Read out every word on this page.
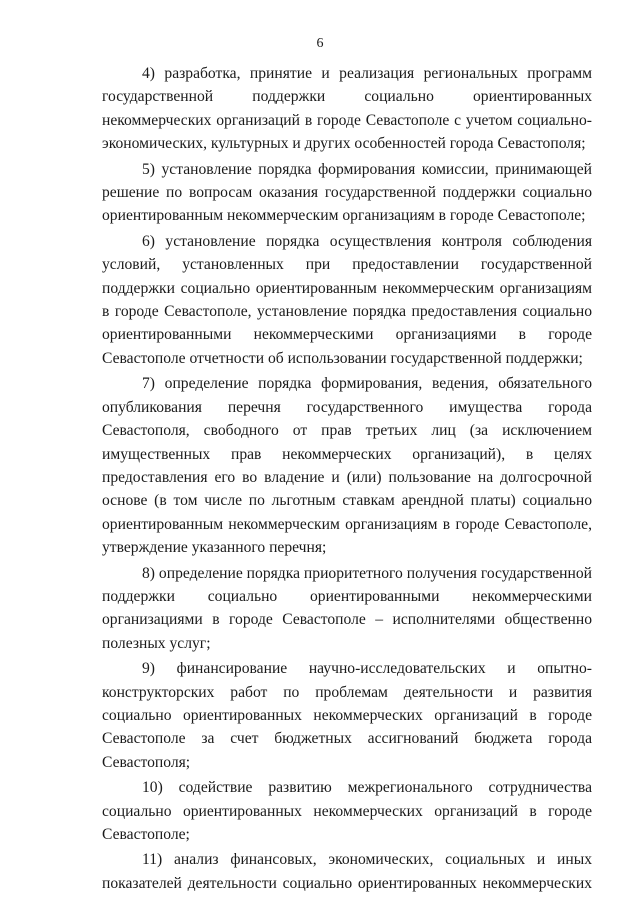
6

4) разработка, принятие и реализация региональных программ государственной поддержки социально ориентированных некоммерческих организаций в городе Севастополе с учетом социально-экономических, культурных и других особенностей города Севастополя;

5) установление порядка формирования комиссии, принимающей решение по вопросам оказания государственной поддержки социально ориентированным некоммерческим организациям в городе Севастополе;

6) установление порядка осуществления контроля соблюдения условий, установленных при предоставлении государственной поддержки социально ориентированным некоммерческим организациям в городе Севастополе, установление порядка предоставления социально ориентированными некоммерческими организациями в городе Севастополе отчетности об использовании государственной поддержки;

7) определение порядка формирования, ведения, обязательного опубликования перечня государственного имущества города Севастополя, свободного от прав третьих лиц (за исключением имущественных прав некоммерческих организаций), в целях предоставления его во владение и (или) пользование на долгосрочной основе (в том числе по льготным ставкам арендной платы) социально ориентированным некоммерческим организациям в городе Севастополе, утверждение указанного перечня;

8) определение порядка приоритетного получения государственной поддержки социально ориентированными некоммерческими организациями в городе Севастополе – исполнителями общественно полезных услуг;

9) финансирование научно-исследовательских и опытно-конструкторских работ по проблемам деятельности и развития социально ориентированных некоммерческих организаций в городе Севастополе за счет бюджетных ассигнований бюджета города Севастополя;

10) содействие развитию межрегионального сотрудничества социально ориентированных некоммерческих организаций в городе Севастополе;

11) анализ финансовых, экономических, социальных и иных показателей деятельности социально ориентированных некоммерческих
